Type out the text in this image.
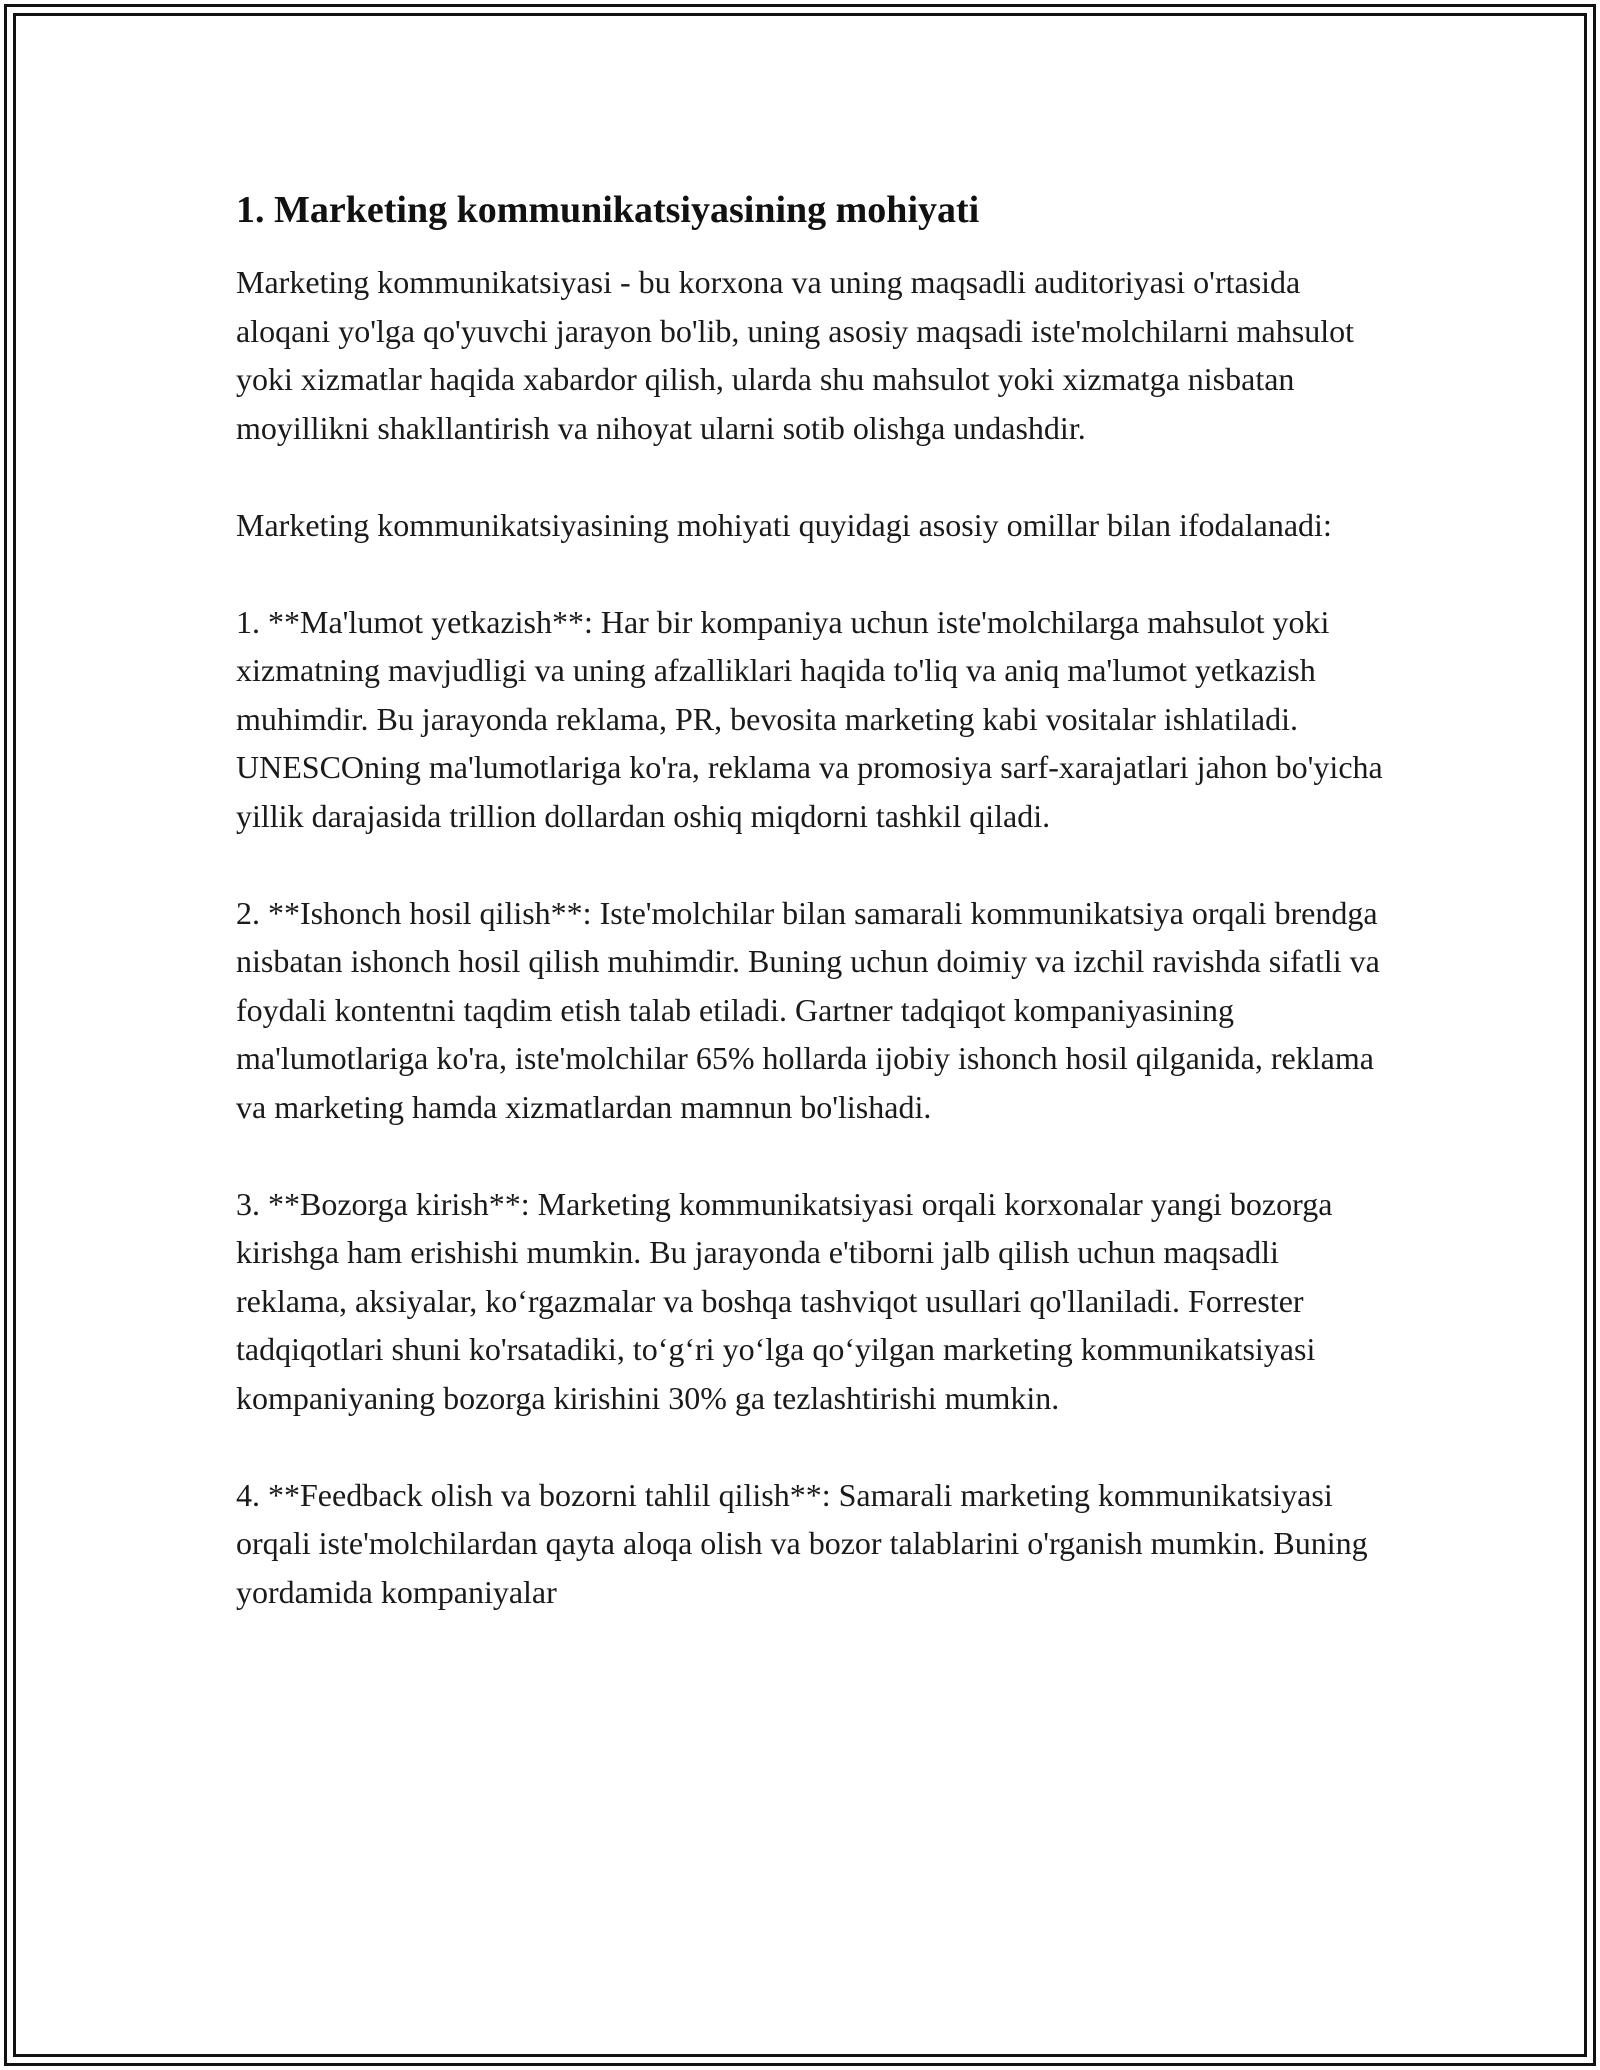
1. Marketing kommunikatsiyasining mohiyati
Marketing kommunikatsiyasi - bu korxona va uning maqsadli auditoriyasi o'rtasida aloqani yo'lga qo'yuvchi jarayon bo'lib, uning asosiy maqsadi iste'molchilarni mahsulot yoki xizmatlar haqida xabardor qilish, ularda shu mahsulot yoki xizmatga nisbatan moyillikni shakllantirish va nihoyat ularni sotib olishga undashdir.
Marketing kommunikatsiyasining mohiyati quyidagi asosiy omillar bilan ifodalanadi:
1. **Ma'lumot yetkazish**: Har bir kompaniya uchun iste'molchilarga mahsulot yoki xizmatning mavjudligi va uning afzalliklari haqida to'liq va aniq ma'lumot yetkazish muhimdir. Bu jarayonda reklama, PR, bevosita marketing kabi vositalar ishlatiladi. UNESCOning ma'lumotlariga ko'ra, reklama va promosiya sarf-xarajatlari jahon bo'yicha yillik darajasida trillion dollardan oshiq miqdorni tashkil qiladi.
2. **Ishonch hosil qilish**: Iste'molchilar bilan samarali kommunikatsiya orqali brendga nisbatan ishonch hosil qilish muhimdir. Buning uchun doimiy va izchil ravishda sifatli va foydali kontentni taqdim etish talab etiladi. Gartner tadqiqot kompaniyasining ma'lumotlariga ko'ra, iste'molchilar 65% hollarda ijobiy ishonch hosil qilganida, reklama va marketing hamda xizmatlardan mamnun bo'lishadi.
3. **Bozorga kirish**: Marketing kommunikatsiyasi orqali korxonalar yangi bozorga kirishga ham erishishi mumkin. Bu jarayonda e'tiborni jalb qilish uchun maqsadli reklama, aksiyalar, koʻrgazmalar va boshqa tashviqot usullari qo'llaniladi. Forrester tadqiqotlari shuni ko'rsatadiki, toʻgʻri yoʻlga qoʻyilgan marketing kommunikatsiyasi kompaniyaning bozorga kirishini 30% ga tezlashtirishi mumkin.
4. **Feedback olish va bozorni tahlil qilish**: Samarali marketing kommunikatsiyasi orqali iste'molchilardan qayta aloqa olish va bozor talablarini o'rganish mumkin. Buning yordamida kompaniyalar
